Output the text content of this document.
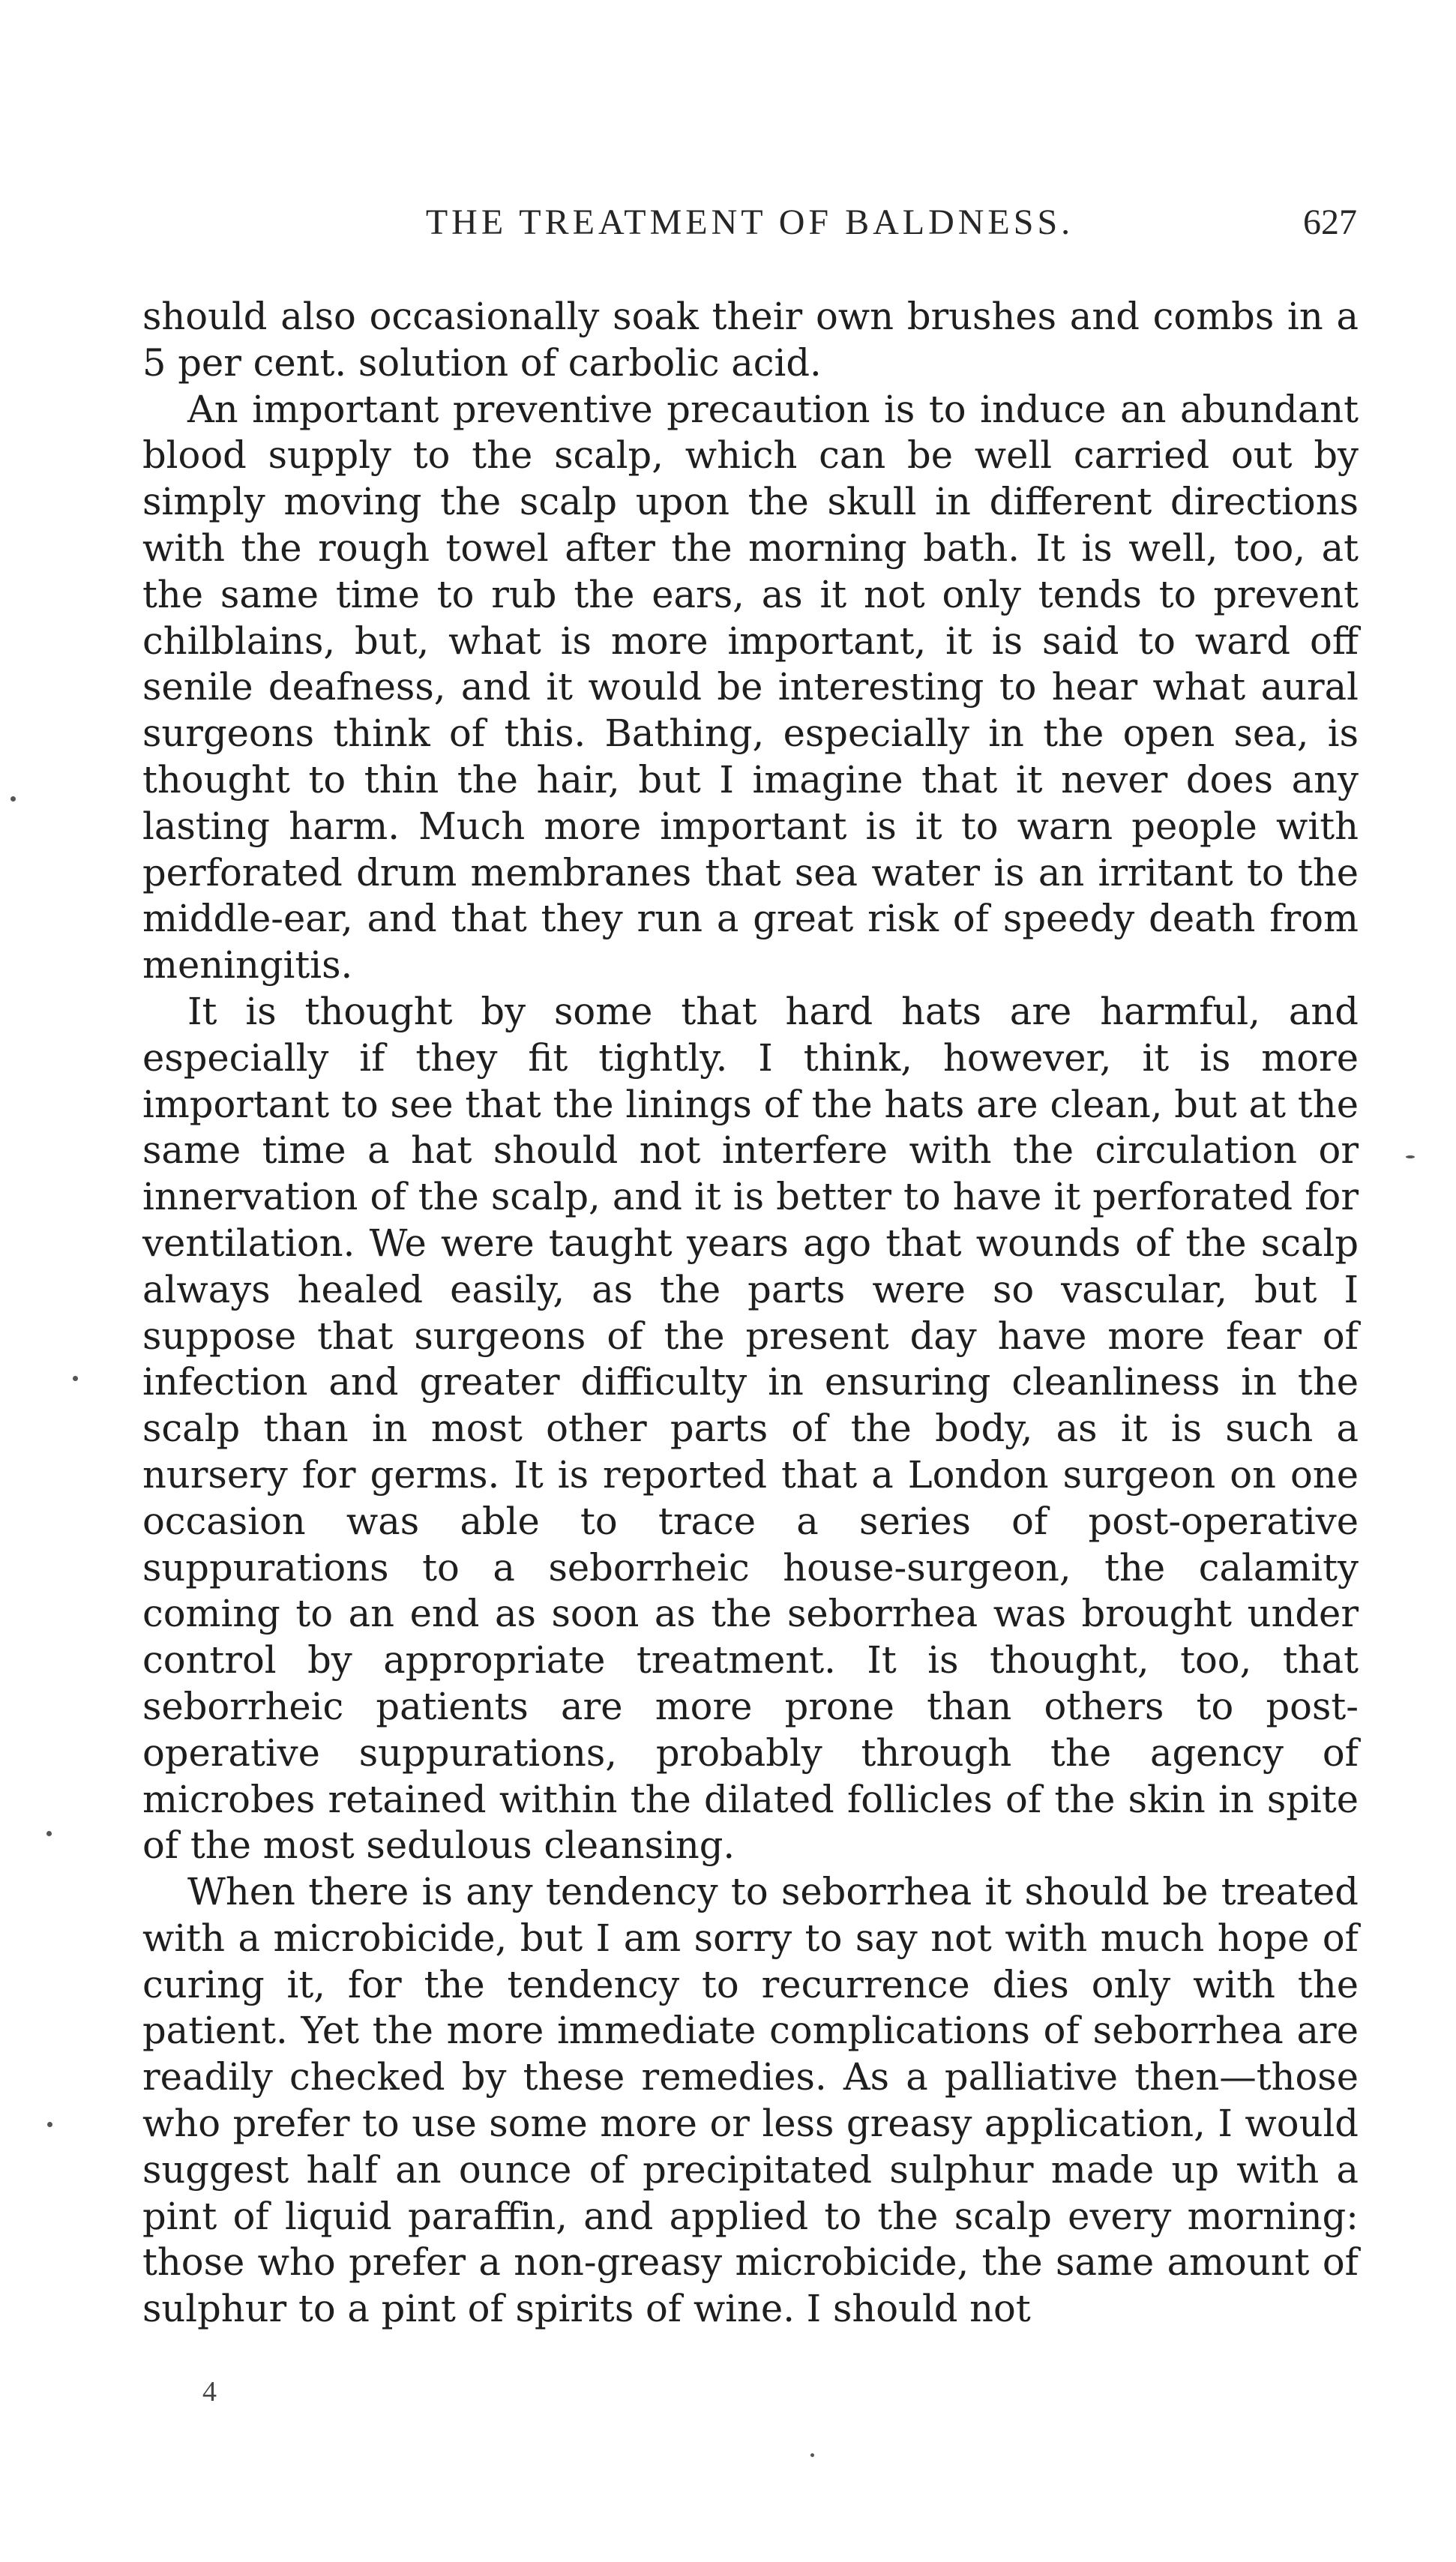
THE TREATMENT OF BALDNESS.	627

should also occasionally soak their own brushes and combs in a 5 per cent. solution of carbolic acid.

An important preventive precaution is to induce an abundant blood supply to the scalp, which can be well carried out by simply moving the scalp upon the skull in different directions with the rough towel after the morning bath. It is well, too, at the same time to rub the ears, as it not only tends to prevent chilblains, but, what is more important, it is said to ward off senile deafness, and it would be interesting to hear what aural surgeons think of this. Bathing, especially in the open sea, is thought to thin the hair, but I imagine that it never does any lasting harm. Much more important is it to warn people with perforated drum membranes that sea water is an irritant to the middle-ear, and that they run a great risk of speedy death from meningitis.

It is thought by some that hard hats are harmful, and especially if they fit tightly. I think, however, it is more important to see that the linings of the hats are clean, but at the same time a hat should not interfere with the circulation or innervation of the scalp, and it is better to have it perforated for ventilation. We were taught years ago that wounds of the scalp always healed easily, as the parts were so vascular, but I suppose that surgeons of the present day have more fear of infection and greater difficulty in ensuring cleanliness in the scalp than in most other parts of the body, as it is such a nursery for germs. It is reported that a London surgeon on one occasion was able to trace a series of post-operative suppurations to a seborrheic house-surgeon, the calamity coming to an end as soon as the seborrhea was brought under control by appropriate treatment. It is thought, too, that seborrheic patients are more prone than others to post-operative suppurations, probably through the agency of microbes retained within the dilated follicles of the skin in spite of the most sedulous cleansing.

When there is any tendency to seborrhea it should be treated with a microbicide, but I am sorry to say not with much hope of curing it, for the tendency to recurrence dies only with the patient. Yet the more immediate complications of seborrhea are readily checked by these remedies. As a palliative then—those who prefer to use some more or less greasy application, I would suggest half an ounce of precipitated sulphur made up with a pint of liquid paraffin, and applied to the scalp every morning: those who prefer a non-greasy microbicide, the same amount of sulphur to a pint of spirits of wine. I should not

4
